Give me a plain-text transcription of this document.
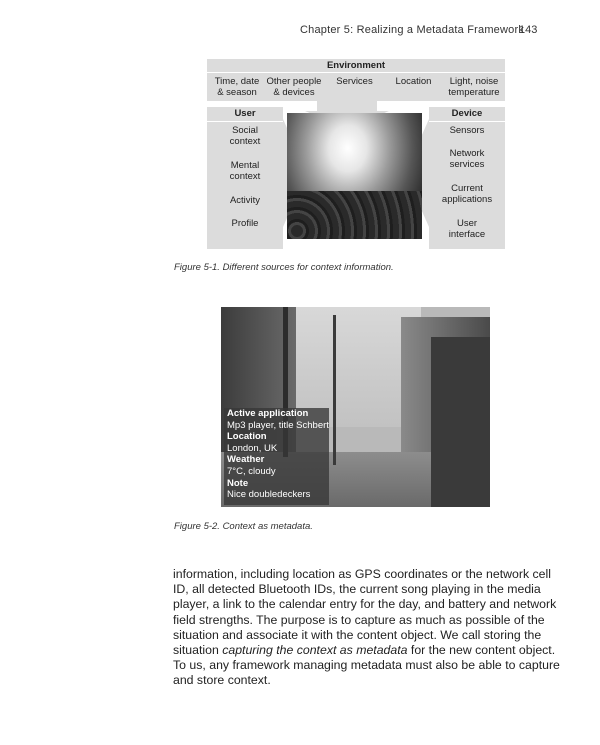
Chapter 5: Realizing a Metadata Framework
143
Environment
Time, date
& season
Other people
& devices
Services	Location	Light, noise
temperature
User
Social
context
Mental
context
Activity
Profile
Device
Sensors
Network
services
Current
applications
User
interface
Figure 5-1. Different sources for context information.
Active application
Mp3 player, title Schbert
Location
London, UK
Weather
7°C, cloudy
Note
Nice doubledeckers
Figure 5-2. Context as metadata.
information, including location as GPS coordinates or the network cell
ID, all detected Bluetooth IDs, the current song playing in the media
player, a link to the calendar entry for the day, and battery and network
field strengths. The purpose is to capture as much as possible of the
situation and associate it with the content object. We call storing the
situation capturing the context as metadata for the new content object.
To us, any framework managing metadata must also be able to capture
and store context.
